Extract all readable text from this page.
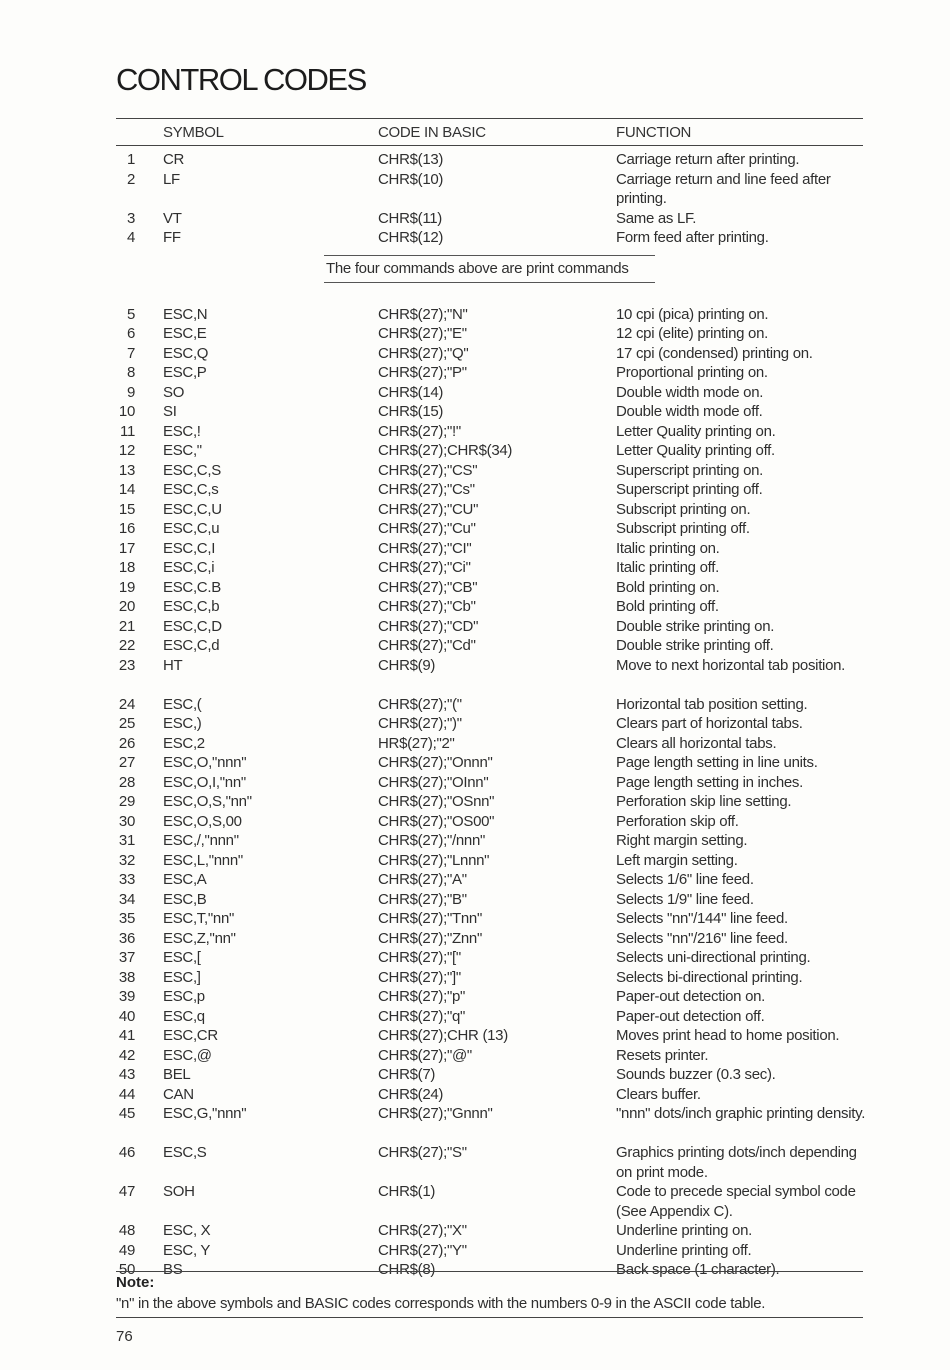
CONTROL CODES
SYMBOL	CODE IN BASIC	FUNCTION
1 CR	CHR$(13)	Carriage return after printing.
2 LF	CHR$(10)	Carriage return and line feed after printing.
3 VT	CHR$(11)	Same as LF.
4 FF	CHR$(12)	Form feed after printing.
The four commands above are print commands
5 ESC,N	CHR$(27);"N"	10 cpi (pica) printing on.
6 ESC,E	CHR$(27);"E"	12 cpi (elite) printing on.
7 ESC,Q	CHR$(27);"Q"	17 cpi (condensed) printing on.
8 ESC,P	CHR$(27);"P"	Proportional printing on.
9 SO	CHR$(14)	Double width mode on.
10 SI	CHR$(15)	Double width mode off.
11 ESC,!	CHR$(27);"!"	Letter Quality printing on.
12 ESC,"	CHR$(27);CHR$(34)	Letter Quality printing off.
13 ESC,C,S	CHR$(27);"CS"	Superscript printing on.
14 ESC,C,s	CHR$(27);"Cs"	Superscript printing off.
15 ESC,C,U	CHR$(27);"CU"	Subscript printing on.
16 ESC,C,u	CHR$(27);"Cu"	Subscript printing off.
17 ESC,C,I	CHR$(27);"CI"	Italic printing on.
18 ESC,C,i	CHR$(27);"Ci"	Italic printing off.
19 ESC,C.B	CHR$(27);"CB"	Bold printing on.
20 ESC,C,b	CHR$(27);"Cb"	Bold printing off.
21 ESC,C,D	CHR$(27);"CD"	Double strike printing on.
22 ESC,C,d	CHR$(27);"Cd"	Double strike printing off.
23 HT	CHR$(9)	Move to next horizontal tab position.
24 ESC,(	CHR$(27);"("	Horizontal tab position setting.
25 ESC,)	CHR$(27);")"	Clears part of horizontal tabs.
26 ESC,2	HR$(27);"2"	Clears all horizontal tabs.
27 ESC,O,"nnn"	CHR$(27);"Onnn"	Page length setting in line units.
28 ESC,O,I,"nn"	CHR$(27);"OInn"	Page length setting in inches.
29 ESC,O,S,"nn"	CHR$(27);"OSnn"	Perforation skip line setting.
30 ESC,O,S,00	CHR$(27);"OS00"	Perforation skip off.
31 ESC,/,"nnn"	CHR$(27);"/nnn"	Right margin setting.
32 ESC,L,"nnn"	CHR$(27);"Lnnn"	Left margin setting.
33 ESC,A	CHR$(27);"A"	Selects 1/6" line feed.
34 ESC,B	CHR$(27);"B"	Selects 1/9" line feed.
35 ESC,T,"nn"	CHR$(27);"Tnn"	Selects "nn"/144" line feed.
36 ESC,Z,"nn"	CHR$(27);"Znn"	Selects "nn"/216" line feed.
37 ESC,[	CHR$(27);"["	Selects uni-directional printing.
38 ESC,]	CHR$(27);"]"	Selects bi-directional printing.
39 ESC,p	CHR$(27);"p"	Paper-out detection on.
40 ESC,q	CHR$(27);"q"	Paper-out detection off.
41 ESC,CR	CHR$(27);CHR (13)	Moves print head to home position.
42 ESC,@	CHR$(27);"@"	Resets printer.
43 BEL	CHR$(7)	Sounds buzzer (0.3 sec).
44 CAN	CHR$(24)	Clears buffer.
45 ESC,G,"nnn"	CHR$(27);"Gnnn"	"nnn" dots/inch graphic printing density.
46 ESC,S	CHR$(27);"S"	Graphics printing dots/inch depending on print mode.
47 SOH	CHR$(1)	Code to precede special symbol code (See Appendix C).
48 ESC, X	CHR$(27);"X"	Underline printing on.
49 ESC, Y	CHR$(27);"Y"	Underline printing off.
50 BS	CHR$(8)	Back space (1 character).
Note:
"n" in the above symbols and BASIC codes corresponds with the numbers 0-9 in the ASCII code table.
76
